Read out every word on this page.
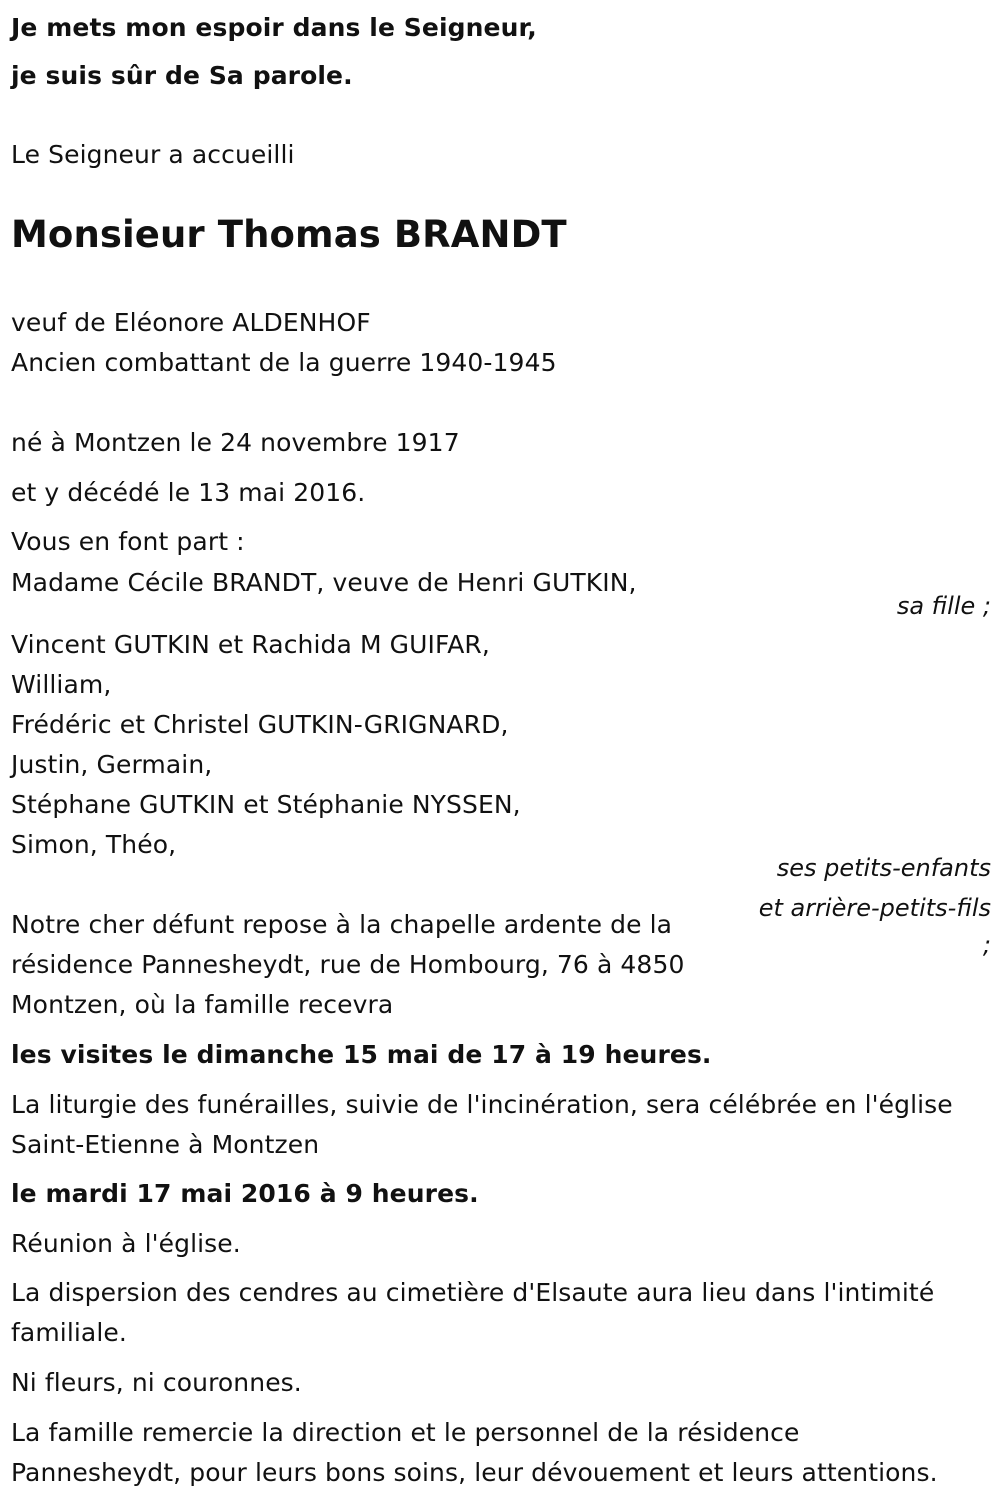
Je mets mon espoir dans le Seigneur,
je suis sûr de Sa parole.
Le Seigneur a accueilli
Monsieur Thomas BRANDT
veuf de Eléonore ALDENHOF
Ancien combattant de la guerre 1940-1945
né à Montzen le 24 novembre 1917
et y décédé le 13 mai 2016.
Vous en font part :
Madame Cécile BRANDT, veuve de Henri GUTKIN,
sa fille ;
Vincent GUTKIN et Rachida M GUIFAR,
William,
Frédéric et Christel GUTKIN-GRIGNARD,
Justin, Germain,
Stéphane GUTKIN et Stéphanie NYSSEN,
Simon, Théo,
ses petits-enfants
et arrière-petits-fils
;
Notre cher défunt repose à la chapelle ardente de la
résidence Pannesheydt, rue de Hombourg, 76 à 4850
Montzen, où la famille recevra
les visites le dimanche 15 mai de 17 à 19 heures.
La liturgie des funérailles, suivie de l'incinération, sera célébrée en l'église
Saint-Etienne à Montzen
le mardi 17 mai 2016 à 9 heures.
Réunion à l'église.
La dispersion des cendres au cimetière d'Elsaute aura lieu dans l'intimité
familiale.
Ni fleurs, ni couronnes.
La famille remercie la direction et le personnel de la résidence
Pannesheydt, pour leurs bons soins, leur dévouement et leurs attentions.
